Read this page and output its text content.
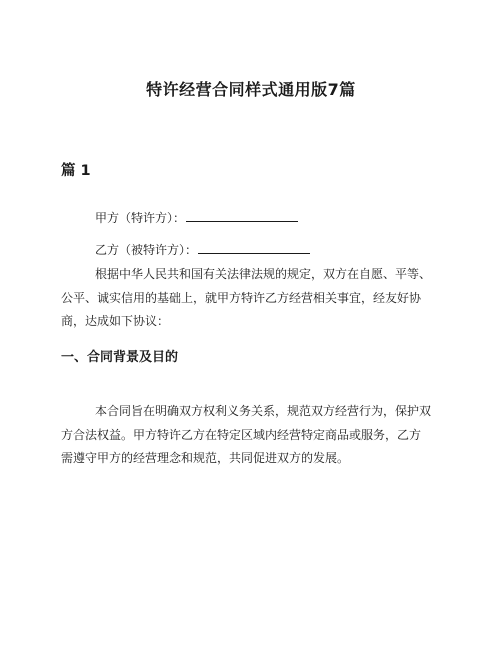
特许经营合同样式通用版7篇
篇 1
甲方（特许方）：
乙方（被特许方）：

根据中华人民共和国有关法律法规的规定，双方在自愿、平等、公平、诚实信用的基础上，就甲方特许乙方经营相关事宜，经友好协商，达成如下协议：

一、合同背景及目的

本合同旨在明确双方权利义务关系，规范双方经营行为，保护双方合法权益。甲方特许乙方在特定区域内经营特定商品或服务，乙方需遵守甲方的经营理念和规范，共同促进双方的发展。
